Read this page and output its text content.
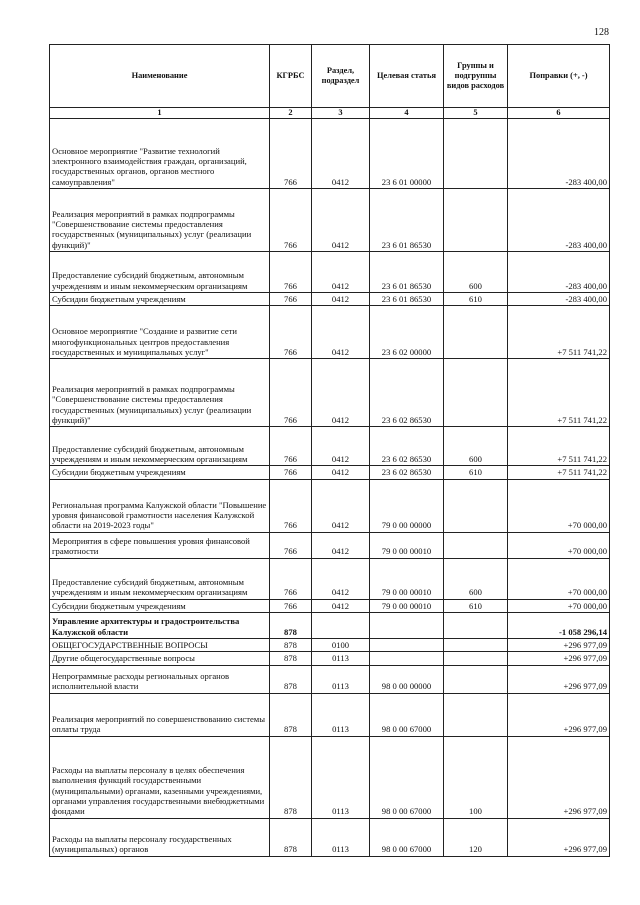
128
Наименование	КГРБС	Раздел, подраздел	Целевая статья	Группы и подгруппы видов расходов	Поправки (+, -)
1	2	3	4	5	6
Основное мероприятие "Развитие технологий электронного взаимодействия граждан, организаций, государственных органов, органов местного самоуправления"	766	0412	23 6 01 00000		-283 400,00
Реализация мероприятий в рамках подпрограммы "Совершенствование системы предоставления государственных (муниципальных) услуг (реализации функций)"	766	0412	23 6 01 86530		-283 400,00
Предоставление субсидий бюджетным, автономным учреждениям и иным некоммерческим организациям	766	0412	23 6 01 86530	600	-283 400,00
Субсидии бюджетным учреждениям	766	0412	23 6 01 86530	610	-283 400,00
Основное мероприятие "Создание и развитие сети многофункциональных центров предоставления государственных и муниципальных услуг"	766	0412	23 6 02 00000		+7 511 741,22
Реализация мероприятий в рамках подпрограммы "Совершенствование системы предоставления государственных (муниципальных) услуг (реализации функций)"	766	0412	23 6 02 86530		+7 511 741,22
Предоставление субсидий бюджетным, автономным учреждениям и иным некоммерческим организациям	766	0412	23 6 02 86530	600	+7 511 741,22
Субсидии бюджетным учреждениям	766	0412	23 6 02 86530	610	+7 511 741,22
Региональная программа Калужской области "Повышение уровня финансовой грамотности населения Калужской области на 2019-2023 годы"	766	0412	79 0 00 00000		+70 000,00
Мероприятия в сфере повышения уровня финансовой грамотности	766	0412	79 0 00 00010		+70 000,00
Предоставление субсидий бюджетным, автономным учреждениям и иным некоммерческим организациям	766	0412	79 0 00 00010	600	+70 000,00
Субсидии бюджетным учреждениям	766	0412	79 0 00 00010	610	+70 000,00
Управление архитектуры и градостроительства Калужской области	878				-1 058 296,14
ОБЩЕГОСУДАРСТВЕННЫЕ ВОПРОСЫ	878	0100			+296 977,09
Другие общегосударственные вопросы	878	0113			+296 977,09
Непрограммные расходы региональных органов исполнительной власти	878	0113	98 0 00 00000		+296 977,09
Реализация мероприятий по совершенствованию системы оплаты труда	878	0113	98 0 00 67000		+296 977,09
Расходы на выплаты персоналу в целях обеспечения выполнения функций государственными (муниципальными) органами, казенными учреждениями, органами управления государственными внебюджетными фондами	878	0113	98 0 00 67000	100	+296 977,09
Расходы на выплаты персоналу государственных (муниципальных) органов	878	0113	98 0 00 67000	120	+296 977,09
